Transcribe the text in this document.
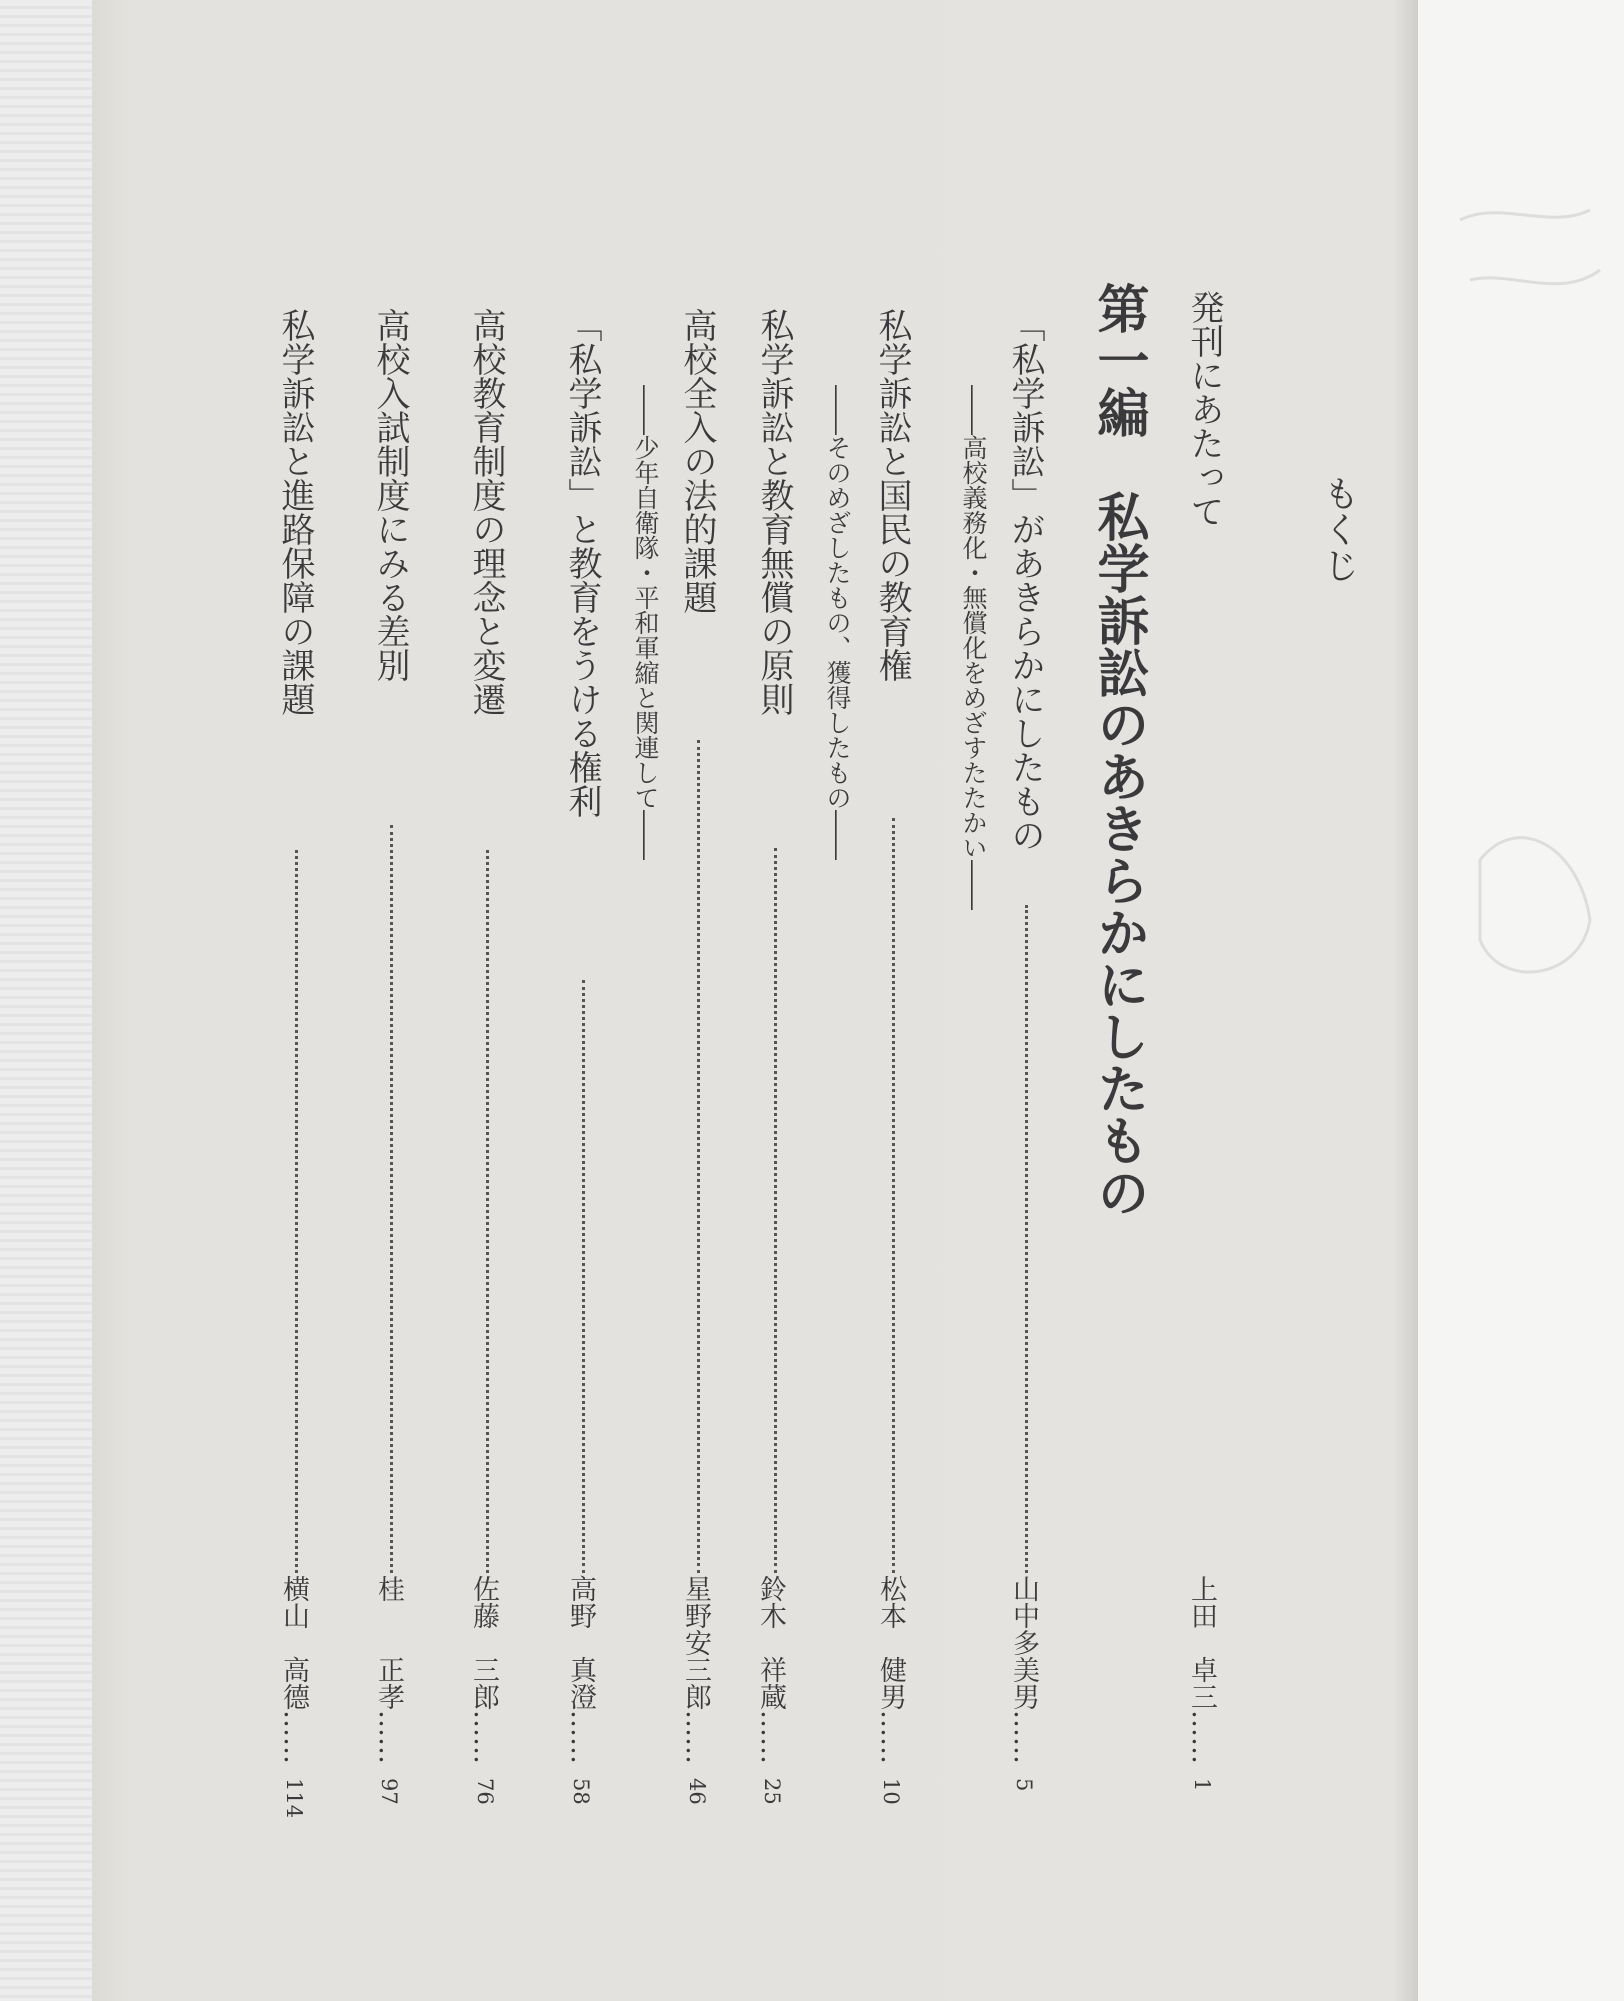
もくじ
発刊にあたって
上田　卓三……
1
第一編
私学訴訟のあきらかにしたもの
「私学訴訟」があきらかにしたもの
――高校義務化・無償化をめざすたたかい――
山中多美男……
5
私学訴訟と国民の教育権
――そのめざしたもの、獲得したもの――
松本　健男……
10
私学訴訟と教育無償の原則
鈴木　祥蔵……
25
高校全入の法的課題
――少年自衛隊・平和軍縮と関連して――
星野安三郎……
46
「私学訴訟」と教育をうける権利
高野　真澄……
58
高校教育制度の理念と変遷
佐藤　三郎……
76
高校入試制度にみる差別
桂　　正孝……
97
私学訴訟と進路保障の課題
横山　高德……
114
